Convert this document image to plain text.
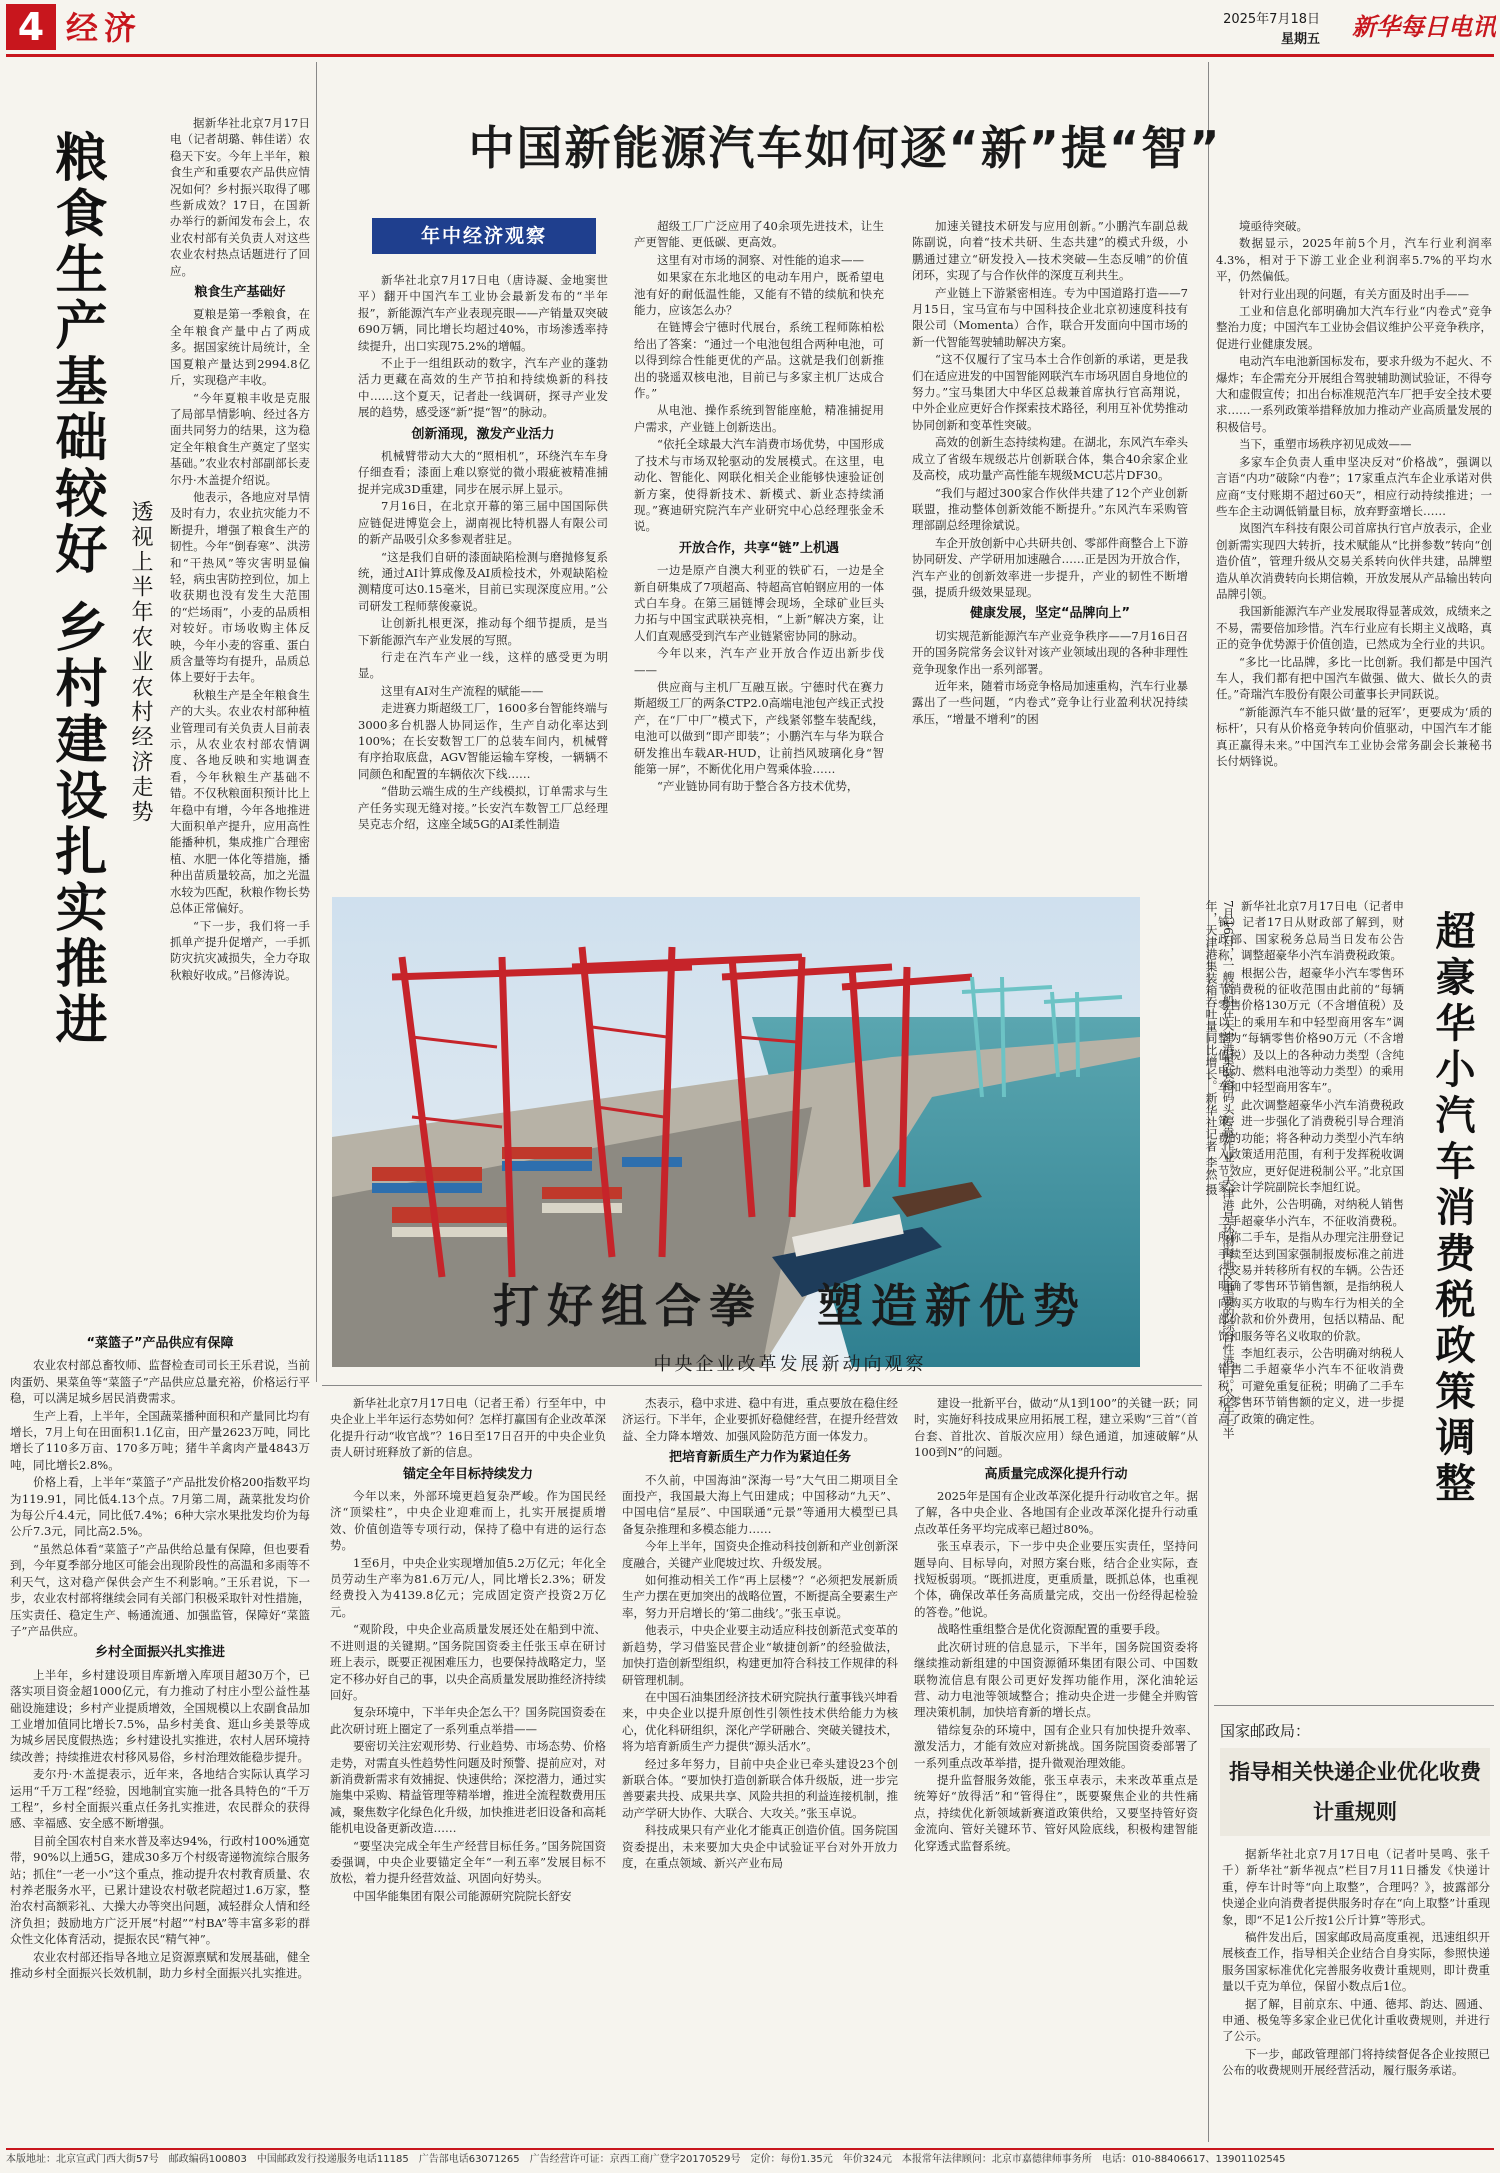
4 经济	2025年7月18日
星期五	新华每日电讯
粮食生产基础较好 乡村建设扎实推进 透视上半年农业农村经济走势

据新华社北京7月17日电（记者胡璐、韩佳诺）农稳天下安。今年上半年，粮食生产和重要农产品供应情况如何？乡村振兴取得了哪些新成效？17日，在国新办举行的新闻发布会上，农业农村部有关负责人对这些农业农村热点话题进行了回应。

粮食生产基础好

夏粮是第一季粮食，在全年粮食产量中占了两成多。据国家统计局统计，全国夏粮产量达到2994.8亿斤，实现稳产丰收。

“今年夏粮丰收是克服了局部旱情影响、经过各方面共同努力的结果，这为稳定全年粮食生产奠定了坚实基础。”农业农村部副部长麦尔丹·木盖提介绍说。

他表示，各地应对旱情及时有力，农业抗灾能力不断提升，增强了粮食生产的韧性。今年“倒春寒”、洪涝和“干热风”等灾害明显偏轻，病虫害防控到位，加上收获期也没有发生大范围的“烂场雨”，小麦的品质相对较好。市场收购主体反映，今年小麦的容重、蛋白质含量等均有提升，品质总体上要好于去年。

秋粮生产是全年粮食生产的大头。农业农村部种植业管理司有关负责人目前表示，从农业农村部农情调度、各地反映和实地调查看，今年秋粮生产基础不错。不仅秋粮面积预计比上年稳中有增，今年各地推进大面积单产提升，应用高性能播种机，集成推广合理密植、水肥一体化等措施，播种出苗质量较高，加之光温水较为匹配，秋粮作物长势总体正常偏好。

“下一步，我们将一手抓单产提升促增产，一手抓防灾抗灾减损失，全力夺取秋粮好收成。”吕修涛说。

“菜篮子”产品供应有保障

农业农村部总畜牧师、监督检查司司长王乐君说，当前肉蛋奶、果菜鱼等“菜篮子”产品供应总量充裕，价格运行平稳，可以满足城乡居民消费需求。

生产上看，上半年，全国蔬菜播种面积和产量同比均有增长，7月上旬在田面积1.1亿亩，田产量2623万吨，同比增长了110多万亩、170多万吨；猪牛羊禽肉产量4843万吨，同比增长2.8%。

价格上看，上半年“菜篮子”产品批发价格200指数平均为119.91，同比低4.13个点。7月第二周，蔬菜批发均价为每公斤4.4元，同比低7.4%；6种大宗水果批发均价为每公斤7.3元，同比高2.5%。

“虽然总体看“菜篮子”产品供给总量有保障，但也要看到，今年夏季部分地区可能会出现阶段性的高温和多雨等不利天气，这对稳产保供会产生不利影响。”王乐君说，下一步，农业农村部将继续会同有关部门积极采取针对性措施，压实责任、稳定生产、畅通流通、加强监管，保障好“菜篮子”产品供应。

乡村全面振兴扎实推进

上半年，乡村建设项目库新增入库项目超30万个，已落实项目资金超1000亿元，有力推动了村庄小型公益性基础设施建设；乡村产业提质增效，全国规模以上农副食品加工业增加值同比增长7.5%，品乡村美食、逛山乡美景等成为城乡居民度假热选；乡村建设扎实推进，农村人居环境持续改善；持续推进农村移风易俗，乡村治理效能稳步提升。

麦尔丹·木盖提表示，近年来，各地结合实际认真学习运用“千万工程”经验，因地制宜实施一批各具特色的“千万工程”，乡村全面振兴重点任务扎实推进，农民群众的获得感、幸福感、安全感不断增强。

目前全国农村自来水普及率达94%，行政村100%通宽带，90%以上通5G，建成30多万个村级寄递物流综合服务站；抓住“一老一小”这个重点，推动提升农村教育质量、农村养老服务水平，已累计建设农村敬老院超过1.6万家，整治农村高额彩礼、大操大办等突出问题，减轻群众人情和经济负担；鼓励地方广泛开展“村超”“村BA”等丰富多彩的群众性文化体育活动，提振农民“精气神”。

农业农村部还指导各地立足资源禀赋和发展基础，健全推动乡村全面振兴长效机制，助力乡村全面振兴扎实推进。

中国新能源汽车如何逐“新”提“智”
年中经济观察

新华社北京7月17日电（唐诗凝、金地窦世平）翻开中国汽车工业协会最新发布的“半年报”，新能源汽车产业表现亮眼——产销量双突破690万辆，同比增长均超过40%，市场渗透率持续提升，出口实现75.2%的增幅。

不止于一组组跃动的数字，汽车产业的蓬勃活力更藏在高效的生产节拍和持续焕新的科技中……这个夏天，记者赴一线调研，探寻产业发展的趋势，感受逐“新”提“智”的脉动。

创新涌现，激发产业活力

机械臂带动大大的“照相机”，环绕汽车车身仔细查看；漆面上难以察觉的微小瑕疵被精准捕捉并完成3D重建，同步在展示屏上显示。

7月16日，在北京开幕的第三届中国国际供应链促进博览会上，湖南视比特机器人有限公司的新产品吸引众多参观者驻足。

“这是我们自研的漆面缺陷检测与磨抛修复系统，通过AI计算成像及AI质检技术，外观缺陷检测精度可达0.15毫米，目前已实现深度应用。”公司研发工程师蔡俊豪说。

让创新扎根更深，推动每个细节提质，是当下新能源汽车产业发展的写照。

行走在汽车产业一线，这样的感受更为明显。

这里有AI对生产流程的赋能——

走进赛力斯超级工厂，1600多台智能终端与3000多台机器人协同运作，生产自动化率达到100%；在长安数智工厂的总装车间内，机械臂有序抬取底盘，AGV智能运输车穿梭，一辆辆不同颜色和配置的车辆依次下线……

“借助云端生成的生产线模拟，订单需求与生产任务实现无缝对接。”长安汽车数智工厂总经理吴克志介绍，这座全域5G的AI柔性制造

超级工厂广泛应用了40余项先进技术，让生产更智能、更低碳、更高效。

这里有对市场的洞察、对性能的追求——

如果家在东北地区的电动车用户，既希望电池有好的耐低温性能，又能有不错的续航和快充能力，应该怎么办？

在链博会宁德时代展台，系统工程师陈柏松给出了答案：“通过一个电池包组合两种电池，可以得到综合性能更优的产品。这就是我们创新推出的骁遥双核电池，目前已与多家主机厂达成合作。”

从电池、操作系统到智能座舱，精准捕捉用户需求，产业链上创新迭出。

“依托全球最大汽车消费市场优势，中国形成了技术与市场双轮驱动的发展模式。在这里，电动化、智能化、网联化相关企业能够快速验证创新方案，使得新技术、新模式、新业态持续涌现。”赛迪研究院汽车产业研究中心总经理张金禾说。

开放合作，共享“链”上机遇

一边是原产自澳大利亚的铁矿石，一边是全新自研集成了7项超高、特超高官帕钢应用的一体式白车身。在第三届链博会现场，全球矿业巨头力拓与中国宝武联袂亮相，“上新”解决方案，让人们直观感受到汽车产业链紧密协同的脉动。

今年以来，汽车产业开放合作迈出新步伐——

供应商与主机厂互融互嵌。宁德时代在赛力斯超级工厂的两条CTP2.0高端电池包产线正式投产，在“厂中厂”模式下，产线紧邻整车装配线，电池可以做到“即产即装”；小鹏汽车与华为联合研发推出车载AR-HUD，让前挡风玻璃化身“智能第一屏”，不断优化用户驾乘体验……

“产业链协同有助于整合各方技术优势，

加速关键技术研发与应用创新。”小鹏汽车副总裁陈副说，向着“技术共研、生态共建”的模式升级，小鹏通过建立“研发投入—技术突破—生态反哺”的价值闭环，实现了与合作伙伴的深度互利共生。

产业链上下游紧密相连。专为中国道路打造——7月15日，宝马宣布与中国科技企业北京初速度科技有限公司（Momenta）合作，联合开发面向中国市场的新一代智能驾驶辅助解决方案。

“这不仅履行了宝马本土合作创新的承诺，更是我们在适应进发的中国智能网联汽车市场巩固自身地位的努力。”宝马集团大中华区总裁兼首席执行官高翔说，中外企业应更好合作探索技术路径，利用互补优势推动协同创新和变革性突破。

高效的创新生态持续构建。在湖北，东风汽车牵头成立了省级车规级芯片创新联合体，集合40余家企业及高校，成功量产高性能车规级MCU芯片DF30。

“我们与超过300家合作伙伴共建了12个产业创新联盟，推动整体创新效能不断提升。”东风汽车采购管理部副总经理徐斌说。

车企开放创新中心共研共创、零部件商整合上下游协同研发、产学研用加速融合……正是因为开放合作，汽车产业的创新效率进一步提升，产业的韧性不断增强，提质升级效果显现。

健康发展，坚定“品牌向上”

切实规范新能源汽车产业竞争秩序——7月16日召开的国务院常务会议针对该产业领域出现的各种非理性竞争现象作出一系列部署。

近年来，随着市场竞争格局加速重构，汽车行业暴露出了一些问题，“内卷式”竞争让行业盈利状况持续承压，“增量不增利”的困

境亟待突破。

数据显示，2025年前5个月，汽车行业利润率4.3%，相对于下游工业企业利润率5.7%的平均水平，仍然偏低。

针对行业出现的问题，有关方面及时出手——

工业和信息化部明确加大汽车行业“内卷式”竞争整治力度；中国汽车工业协会倡议维护公平竞争秩序，促进行业健康发展。

电动汽车电池新国标发布，要求升级为不起火、不爆炸；车企需充分开展组合驾驶辅助测试验证，不得夸大和虚假宣传；扣出台标准规范汽车厂把手安全技术要求……一系列政策举措释放加力推动产业高质量发展的积极信号。

当下，重塑市场秩序初见成效——

多家车企负责人重申坚决反对“价格战”，强调以言语“内功”破除“内卷”；17家重点汽车企业承诺对供应商“支付账期不超过60天”，相应行动持续推进；一些车企主动调低销量目标，放弃野蛮增长……

岚图汽车科技有限公司首席执行官卢放表示，企业创新需实现四大转折，技术赋能从“比拼参数”转向“创造价值”，管理升级从交易关系转向伙伴共建，品牌塑造从单次消费转向长期信赖，开放发展从产品输出转向品牌引领。

我国新能源汽车产业发展取得显著成效，成绩来之不易，需要倍加珍惜。汽车行业应有长期主义战略，真正的竞争优势源于价值创造，已然成为全行业的共识。

“多比一比品牌，多比一比创新。我们都是中国汽车人，我们都有把中国汽车做强、做大、做长久的责任。”奇瑞汽车股份有限公司董事长尹同跃说。

“新能源汽车不能只做‘量的冠军’，更要成为‘质的标杆’，只有从价格竞争转向价值驱动，中国汽车才能真正赢得未来。”中国汽车工业协会常务副会长兼秘书长付炳锋说。

7月16日，一艘货船在天津港集装箱码头停靠作业。天津港是环渤海地区重要的综合性港口。今年上半年，天津港集装箱吞吐量同比增长。新华社记者 李然 摄	超豪华小汽车消费税政策调整

新华社北京7月17日电（记者申铖）记者17日从财政部了解到，财政部、国家税务总局当日发布公告称，调整超豪华小汽车消费税政策。

根据公告，超豪华小汽车零售环节消费税的征收范围由此前的“每辆零售价格130万元（不含增值税）及以上的乘用车和中轻型商用客车”调整为“每辆零售价格90万元（不含增值税）及以上的各种动力类型（含纯电动、燃料电池等动力类型）的乘用车和中轻型商用客车”。

此次调整超豪华小汽车消费税政策，进一步强化了消费税引导合理消费的功能；将各种动力类型小汽车纳入政策适用范围，有利于发挥税收调节效应，更好促进税制公平。”北京国家会计学院副院长李旭红说。

此外，公告明确，对纳税人销售二手超豪华小汽车，不征收消费税。所称二手车，是指从办理完注册登记手续至达到国家强制报废标准之前进行交易并转移所有权的车辆。公告还明确了零售环节销售额，是指纳税人向购买方收取的与购车行为相关的全部价款和价外费用，包括以精品、配饰和服务等名义收取的价款。

李旭红表示，公告明确对纳税人销售二手超豪华小汽车不征收消费税，可避免重复征税；明确了二手车和零售环节销售额的定义，进一步提高了政策的确定性。

国家邮政局：
指导相关快递企业优化收费计重规则

据新华社北京7月17日电（记者叶昊鸣、张千千）新华社“新华视点”栏目7月11日播发《快递计重，停车计时等“向上取整”，合理吗？》，披露部分快递企业向消费者提供服务时存在“向上取整”计重现象，即“不足1公斤按1公斤计算”等形式。

稿件发出后，国家邮政局高度重视，迅速组织开展核查工作，指导相关企业结合自身实际，参照快递服务国家标准优化完善服务收费计重规则，即计费重量以千克为单位，保留小数点后1位。

据了解，目前京东、中通、德邦、韵达、圆通、申通、极兔等多家企业已优化计重收费规则，并进行了公示。

下一步，邮政管理部门将持续督促各企业按照已公布的收费规则开展经营活动，履行服务承诺。

打好组合拳　塑造新优势
中央企业改革发展新动向观察

新华社北京7月17日电（记者王希）行至年中，中央企业上半年运行态势如何？怎样打赢国有企业改革深化提升行动“收官战”？16日至17日召开的中央企业负责人研讨班释放了新的信息。

锚定全年目标持续发力

今年以来，外部环境更趋复杂严峻。作为国民经济“顶梁柱”，中央企业迎难而上，扎实开展提质增效、价值创造等专项行动，保持了稳中有进的运行态势。

1至6月，中央企业实现增加值5.2万亿元；年化全员劳动生产率为81.6万元/人，同比增长2.3%；研发经费投入为4139.8亿元；完成固定资产投资2万亿元。

“观阶段，中央企业高质量发展还处在船到中流、不进则退的关键期。”国务院国资委主任张玉卓在研讨班上表示，既要正视困难压力，也要保持战略定力，坚定不移办好自己的事，以央企高质量发展助推经济持续回好。

复杂环境中，下半年央企怎么干？国务院国资委在此次研讨班上圈定了一系列重点举措——

要密切关注宏观形势、行业趋势、市场态势、价格走势，对需直头性趋势性问题及时预警、提前应对，对新消费新需求有效捕捉、快速供给；深挖潜力，通过实施集中采购、精益管理等精举增，推进全流程数费用压减，聚焦数字化绿色化升级，加快推进老旧设备和高耗能机电设备更新改造……

“要坚决完成全年生产经营目标任务。”国务院国资委强调，中央企业要锚定全年“一利五率”发展目标不放松，着力提升经营效益、巩固向好势头。

中国华能集团有限公司能源研究院院长舒安

杰表示，稳中求进、稳中有进，重点要放在稳住经济运行。下半年，企业要抓好稳健经营，在提升经营效益、全力降本增效、加强风险防范方面一体发力。

把培育新质生产力作为紧迫任务

不久前，中国海油“深海一号”大气田二期项目全面投产，我国最大海上气田建成；中国移动“九天”、中国电信“星辰”、中国联通“元景”等通用大模型已具备复杂推理和多模态能力……

今年上半年，国资央企推动科技创新和产业创新深度融合，关键产业爬坡过坎、升级发展。

如何推动相关工作“再上层楼”？“必须把发展新质生产力摆在更加突出的战略位置，不断提高全要素生产率，努力开启增长的‘第二曲线’。”张玉卓说。

他表示，中央企业要主动适应科技创新范式变革的新趋势，学习借鉴民营企业“敏捷创新”的经验做法，加快打造创新型组织，构建更加符合科技工作规律的科研管理机制。

在中国石油集团经济技术研究院执行董事钱兴坤看来，中央企业以提升原创性引领性技术供给能力为核心，优化科研组织，深化产学研融合、突破关键技术，将为培育新质生产力提供“源头活水”。

经过多年努力，目前中央企业已牵头建设23个创新联合体。“要加快打造创新联合体升级版，进一步完善要素共投、成果共享、风险共担的利益连接机制，推动产学研大协作、大联合、大攻关。”张玉卓说。

科技成果只有产业化才能真正创造价值。国务院国资委提出，未来要加大央企中试验证平台对外开放力度，在重点领域、新兴产业布局

建设一批新平台，做动“从1到100”的关键一跃；同时，实施好科技成果应用拓展工程，建立采购“三首”（首台套、首批次、首版次应用）绿色通道，加速破解“从100到N”的问题。

高质量完成深化提升行动

2025年是国有企业改革深化提升行动收官之年。据了解，各中央企业、各地国有企业改革深化提升行动重点改革任务平均完成率已超过80%。

张玉卓表示，下一步中央企业要压实责任，坚持问题导向、目标导向，对照方案台账，结合企业实际，查找短板弱项。“既抓进度，更重质量，既抓总体，也重视个体，确保改革任务高质量完成，交出一份经得起检验的答卷。”他说。

战略性重组整合是优化资源配置的重要手段。

此次研讨班的信息显示，下半年，国务院国资委将继续推动新组建的中国资源循环集团有限公司、中国数联物流信息有限公司更好发挥功能作用，深化油轮运营、动力电池等领域整合；推动央企进一步健全并购管理决策机制，加快培育新的增长点。

错综复杂的环境中，国有企业只有加快提升效率、激发活力，才能有效应对新挑战。国务院国资委部署了一系列重点改革举措，提升微观治理效能。

提升监督服务效能，张玉卓表示，未来改革重点是统筹好“放得活”和“管得住”，既要聚焦企业的共性痛点，持续优化新领域新赛道政策供给，又要坚持管好资金流向、管好关键环节、管好风险底线，积极构建智能化穿透式监督系统。

本版地址：北京宣武门西大街57号　邮政编码100803　中国邮政发行投递服务电话11185　广告部电话63071265　广告经营许可证：京西工商广登字20170529号　定价：每份1.35元　年价324元　本报常年法律顾问：北京市嘉德律师事务所　电话：010-88406617、13901102545
